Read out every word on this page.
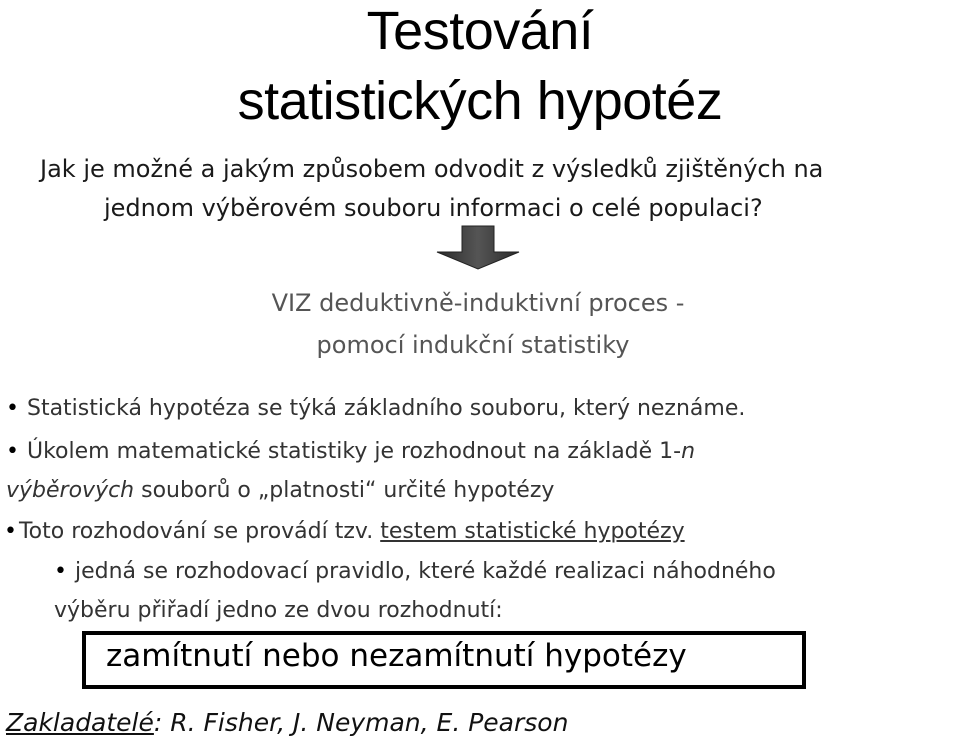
Testování
statistických hypotéz
Jak je možné a jakým způsobem odvodit z výsledků zjištěných na
jednom výběrovém souboru informaci o celé populaci?
VIZ deduktivně-induktivní proces -
pomocí indukční statistiky
• Statistická hypotéza se týká základního souboru, který neznáme.
• Úkolem matematické statistiky je rozhodnout na základě 1-n
výběrových souborů o „platnosti“ určité hypotézy
•Toto rozhodování se provádí tzv. testem statistické hypotézy
• jedná se rozhodovací pravidlo, které každé realizaci náhodného
výběru přiřadí jedno ze dvou rozhodnutí:
zamítnutí nebo nezamítnutí hypotézy
Zakladatelé: R. Fisher, J. Neyman, E. Pearson
